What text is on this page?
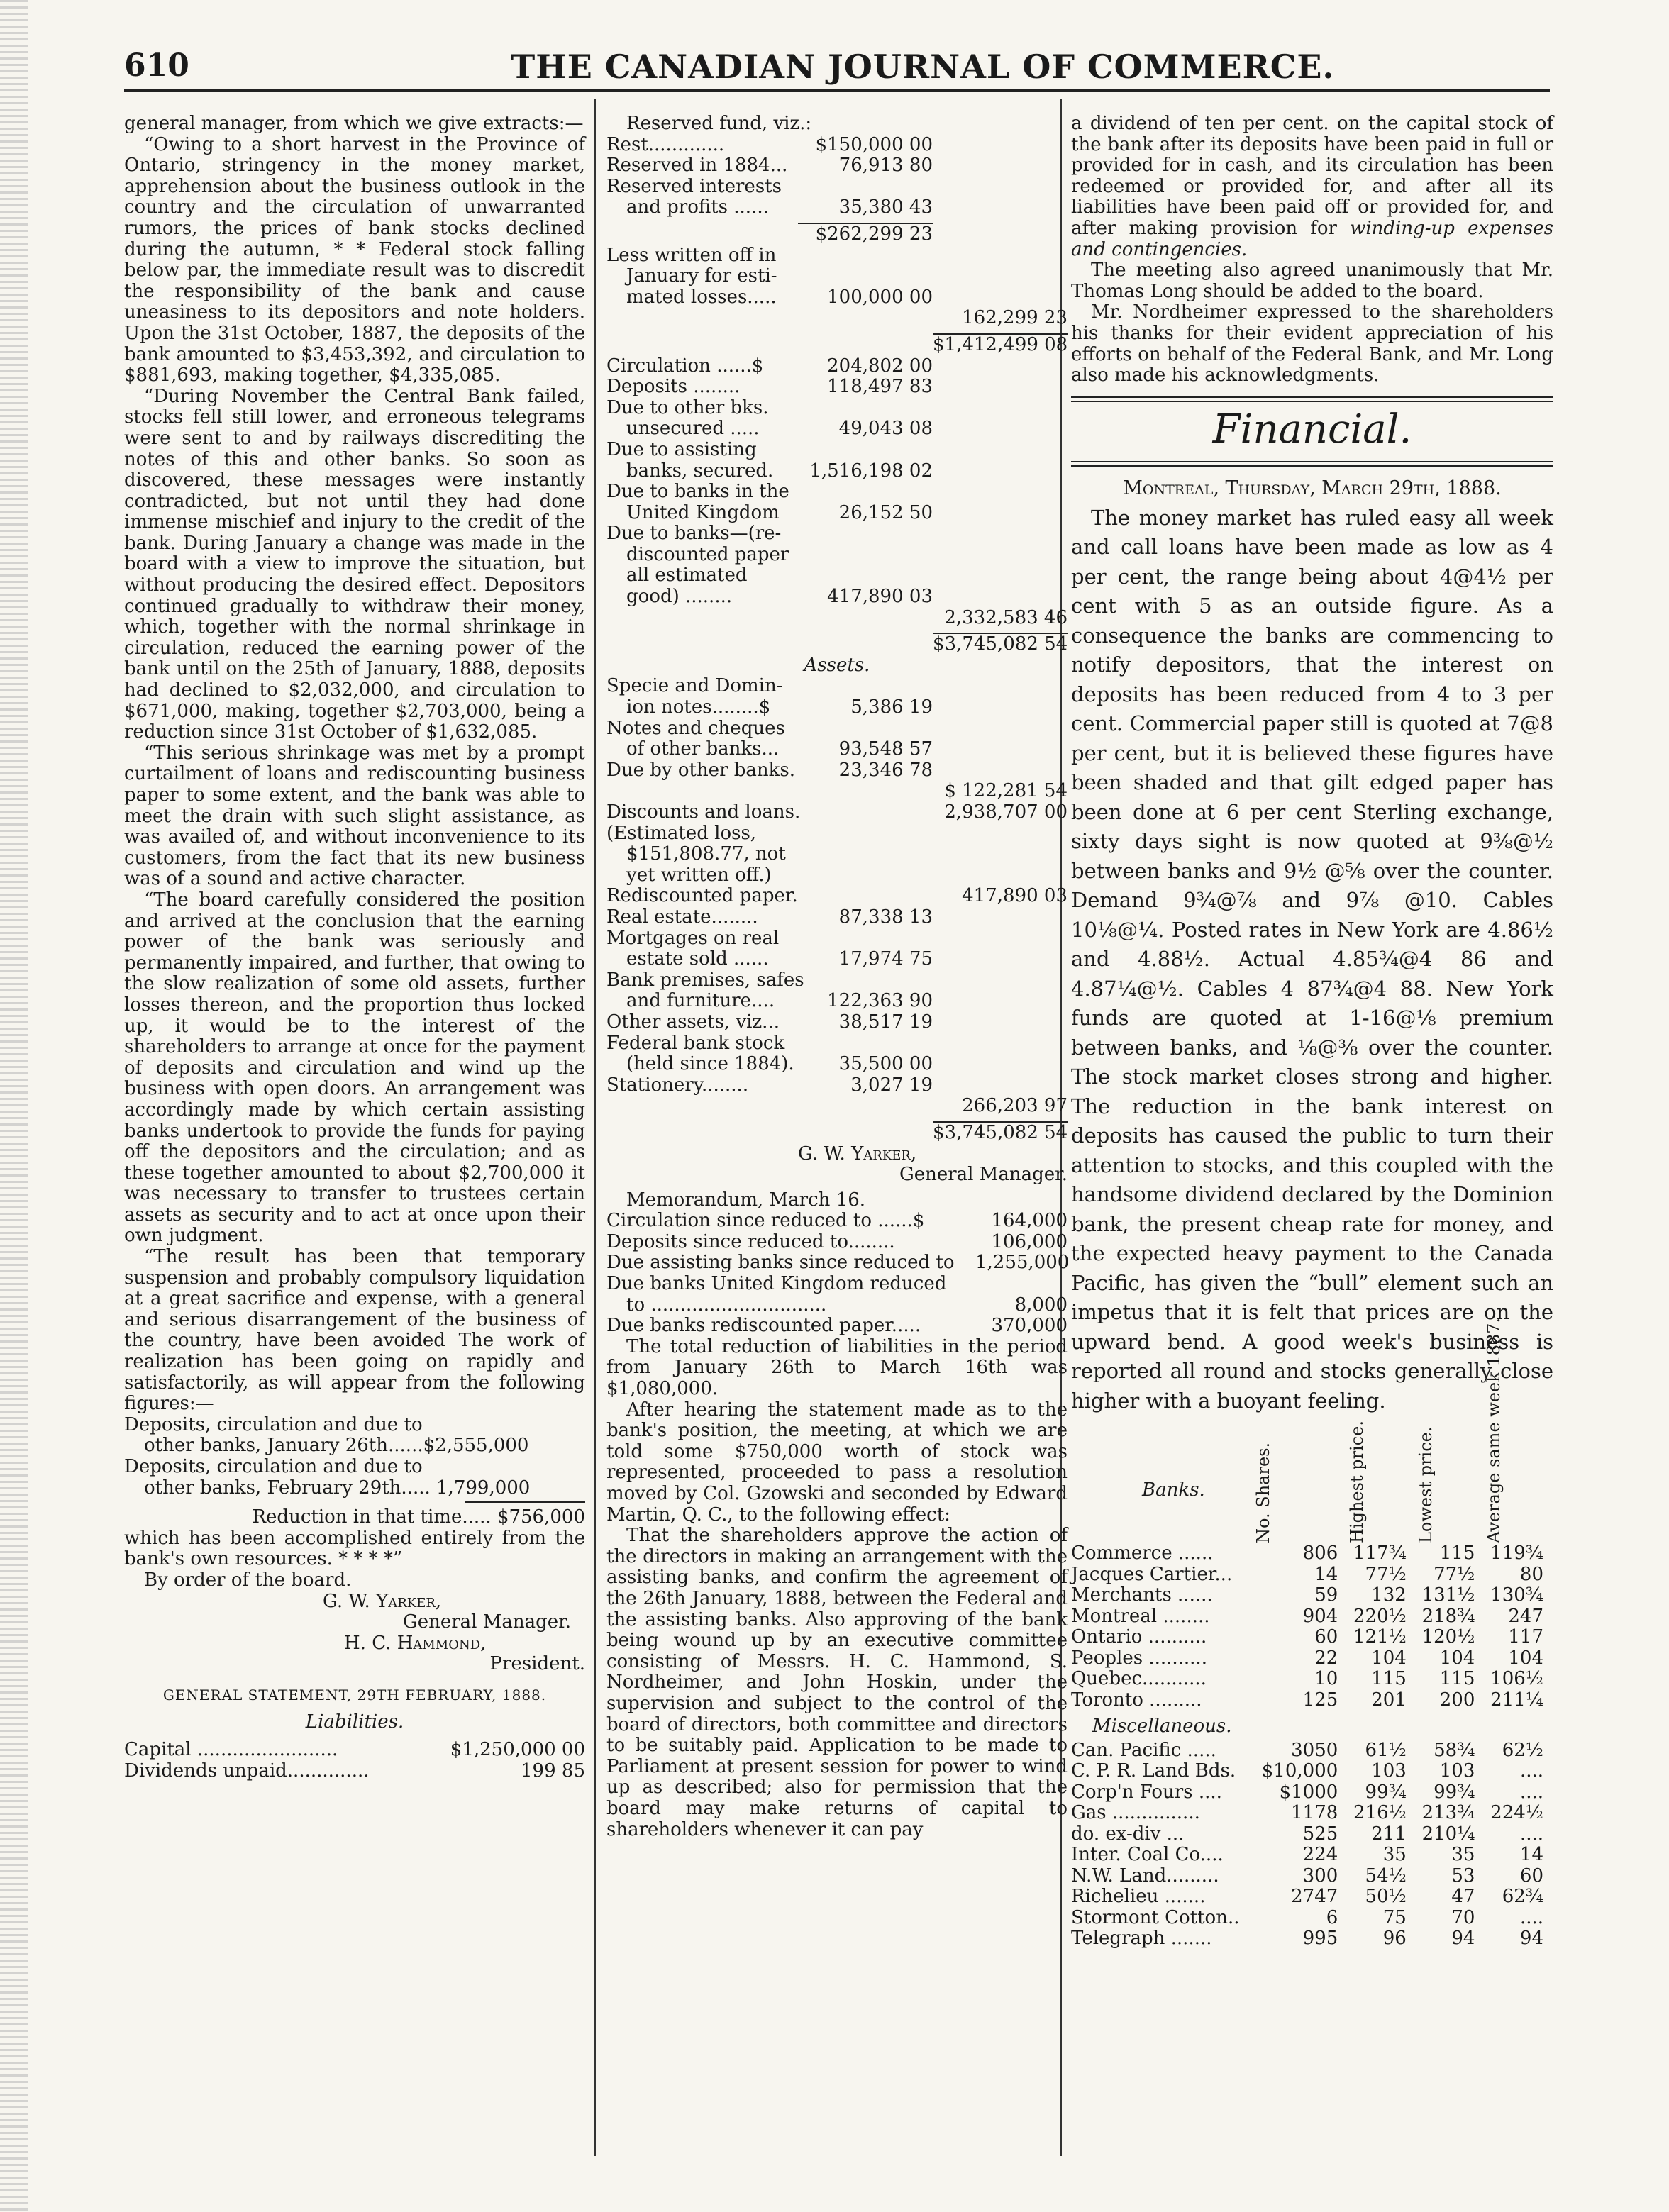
610	THE CANADIAN JOURNAL OF COMMERCE.

general manager, from which we give extracts:—

“Owing to a short harvest in the Province of Ontario, stringency in the money market, apprehension about the business outlook in the country and the circulation of unwarranted rumors, the prices of bank stocks declined during the autumn, * * Federal stock falling below par, the immediate result was to discredit the responsibility of the bank and cause uneasiness to its depositors and note holders. Upon the 31st October, 1887, the deposits of the bank amounted to $3,453,392, and circulation to $881,693, making together, $4,335,085.

“During November the Central Bank failed, stocks fell still lower, and erroneous telegrams were sent to and by railways discrediting the notes of this and other banks. So soon as discovered, these messages were instantly contradicted, but not until they had done immense mischief and injury to the credit of the bank. During January a change was made in the board with a view to improve the situation, but without producing the desired effect. Depositors continued gradually to withdraw their money, which, together with the normal shrinkage in circulation, reduced the earning power of the bank until on the 25th of January, 1888, deposits had declined to $2,032,000, and circulation to $671,000, making, together $2,703,000, being a reduction since 31st October of $1,632,085.

“This serious shrinkage was met by a prompt curtailment of loans and rediscounting business paper to some extent, and the bank was able to meet the drain with such slight assistance, as was availed of, and without inconvenience to its customers, from the fact that its new business was of a sound and active character.

“The board carefully considered the position and arrived at the conclusion that the earning power of the bank was seriously and permanently impaired, and further, that owing to the slow realization of some old assets, further losses thereon, and the proportion thus locked up, it would be to the interest of the shareholders to arrange at once for the payment of deposits and circulation and wind up the business with open doors. An arrangement was accordingly made by which certain assisting banks undertook to provide the funds for paying off the depositors and the circulation; and as these together amounted to about $2,700,000 it was necessary to transfer to trustees certain assets as security and to act at once upon their own judgment.

“The result has been that temporary suspension and probably compulsory liquidation at a great sacrifice and expense, with a general and serious disarrangement of the business of the country, have been avoided The work of realization has been going on rapidly and satisfactorily, as will appear from the following figures:—

Deposits, circulation and due to

other banks, January 26th......$2,555,000

Deposits, circulation and due to

other banks, February 29th..... 1,799,000

Reduction in that time..... $756,000

which has been accomplished entirely from the bank's own resources. * * * *”

By order of the board.

G. W. Yarker,

General Manager.

H. C. Hammond,

President.

GENERAL STATEMENT, 29TH FEBRUARY, 1888.

Liabilities.

Capital ........................	$1,250,000 00
Dividends unpaid..............	199 85

Reserved fund, viz.:

Rest.............	$150,000 00
Reserved in 1884...	76,913 80

Reserved interests

and profits ......	35,380 43
$262,299 23

Less written off in

January for esti-

mated losses.....	100,000 00
162,299 23
$1,412,499 08
Circulation ......$	204,802 00
Deposits ........	118,497 83

Due to other bks.

unsecured .....	49,043 08

Due to assisting

banks, secured.	1,516,198 02

Due to banks in the

United Kingdom	26,152 50

Due to banks—(re-

discounted paper

all estimated

good) ........	417,890 03
2,332,583 46
$3,745,082 54

Assets.

Specie and Domin-

ion notes........$	5,386 19

Notes and cheques

of other banks...	93,548 57
Due by other banks.	23,346 78
$ 122,281 54
Discounts and loans.	2,938,707 00

(Estimated loss,

$151,808.77, not

yet written off.)

Rediscounted paper.	417,890 03
Real estate........	87,338 13

Mortgages on real

estate sold ......	17,974 75

Bank premises, safes

and furniture....	122,363 90
Other assets, viz...	38,517 19

Federal bank stock

(held since 1884).	35,500 00
Stationery........	3,027 19
266,203 97
$3,745,082 54

G. W. Yarker,

General Manager.

Memorandum, March 16.

Circulation since reduced to ......$	164,000
Deposits since reduced to........	106,000
Due assisting banks since reduced to	1,255,000

Due banks United Kingdom reduced

to ..............................	8,000
Due banks rediscounted paper.....	370,000

The total reduction of liabilities in the period from January 26th to March 16th was $1,080,000.

After hearing the statement made as to the bank's position, the meeting, at which we are told some $750,000 worth of stock was represented, proceeded to pass a resolution moved by Col. Gzowski and seconded by Edward Martin, Q. C., to the following effect:

That the shareholders approve the action of the directors in making an arrangement with the assisting banks, and confirm the agreement of the 26th January, 1888, between the Federal and the assisting banks. Also approving of the bank being wound up by an executive committee consisting of Messrs. H. C. Hammond, S. Nordheimer, and John Hoskin, under the supervision and subject to the control of the board of directors, both committee and directors to be suitably paid. Application to be made to Parliament at present session for power to wind up as described; also for permission that the board may make returns of capital to shareholders whenever it can pay

a dividend of ten per cent. on the capital stock of the bank after its deposits have been paid in full or provided for in cash, and its circulation has been redeemed or provided for, and after all its liabilities have been paid off or provided for, and after making provision for winding-up expenses and contingencies.

The meeting also agreed unanimously that Mr. Thomas Long should be added to the board.

Mr. Nordheimer expressed to the shareholders his thanks for their evident appreciation of his efforts on behalf of the Federal Bank, and Mr. Long also made his acknowledgments.

Financial.

Montreal, Thursday, March 29th, 1888.

The money market has ruled easy all week and call loans have been made as low as 4 per cent, the range being about 4@4½ per cent with 5 as an outside figure. As a consequence the banks are commencing to notify depositors, that the interest on deposits has been reduced from 4 to 3 per cent. Commercial paper still is quoted at 7@8 per cent, but it is believed these figures have been shaded and that gilt edged paper has been done at 6 per cent Sterling exchange, sixty days sight is now quoted at 9⅜@½ between banks and 9½ @⅝ over the counter. Demand 9¾@⅞ and 9⅞ @10. Cables 10⅛@¼. Posted rates in New York are 4.86½ and 4.88½. Actual 4.85¾@4 86 and 4.87¼@½. Cables 4 87¾@4 88. New York funds are quoted at 1-16@⅛ premium between banks, and ⅛@⅜ over the counter. The stock market closes strong and higher. The reduction in the bank interest on deposits has caused the public to turn their attention to stocks, and this coupled with the handsome dividend declared by the Dominion bank, the present cheap rate for money, and the expected heavy payment to the Canada Pacific, has given the “bull” element such an impetus that it is felt that prices are on the upward bend. A good week's business is reported all round and stocks generally close higher with a buoyant feeling.

Banks.	No. Shares.	Highest price.	Lowest price.	Average same week 1887.

Commerce ......	806	117¾	115	119¾
Jacques Cartier...	14	77½	77½	80
Merchants ......	59	132	131½	130¾
Montreal ........	904	220½	218¾	247
Ontario ..........	60	121½	120½	117
Peoples ..........	22	104	104	104
Quebec...........	10	115	115	106½
Toronto .........	125	201	200	211¼
Miscellaneous.				
Can. Pacific .....	3050	61½	58¾	62½
C. P. R. Land Bds.	$10,000	103	103	....
Corp'n Fours ....	$1000	99¾	99¾	....
Gas ...............	1178	216½	213¾	224½
do. ex-div ...	525	211	210¼	....
Inter. Coal Co....	224	35	35	14
N.W. Land.........	300	54½	53	60
Richelieu .......	2747	50½	47	62¾
Stormont Cotton..	6	75	70	....
Telegraph .......	995	96	94	94
